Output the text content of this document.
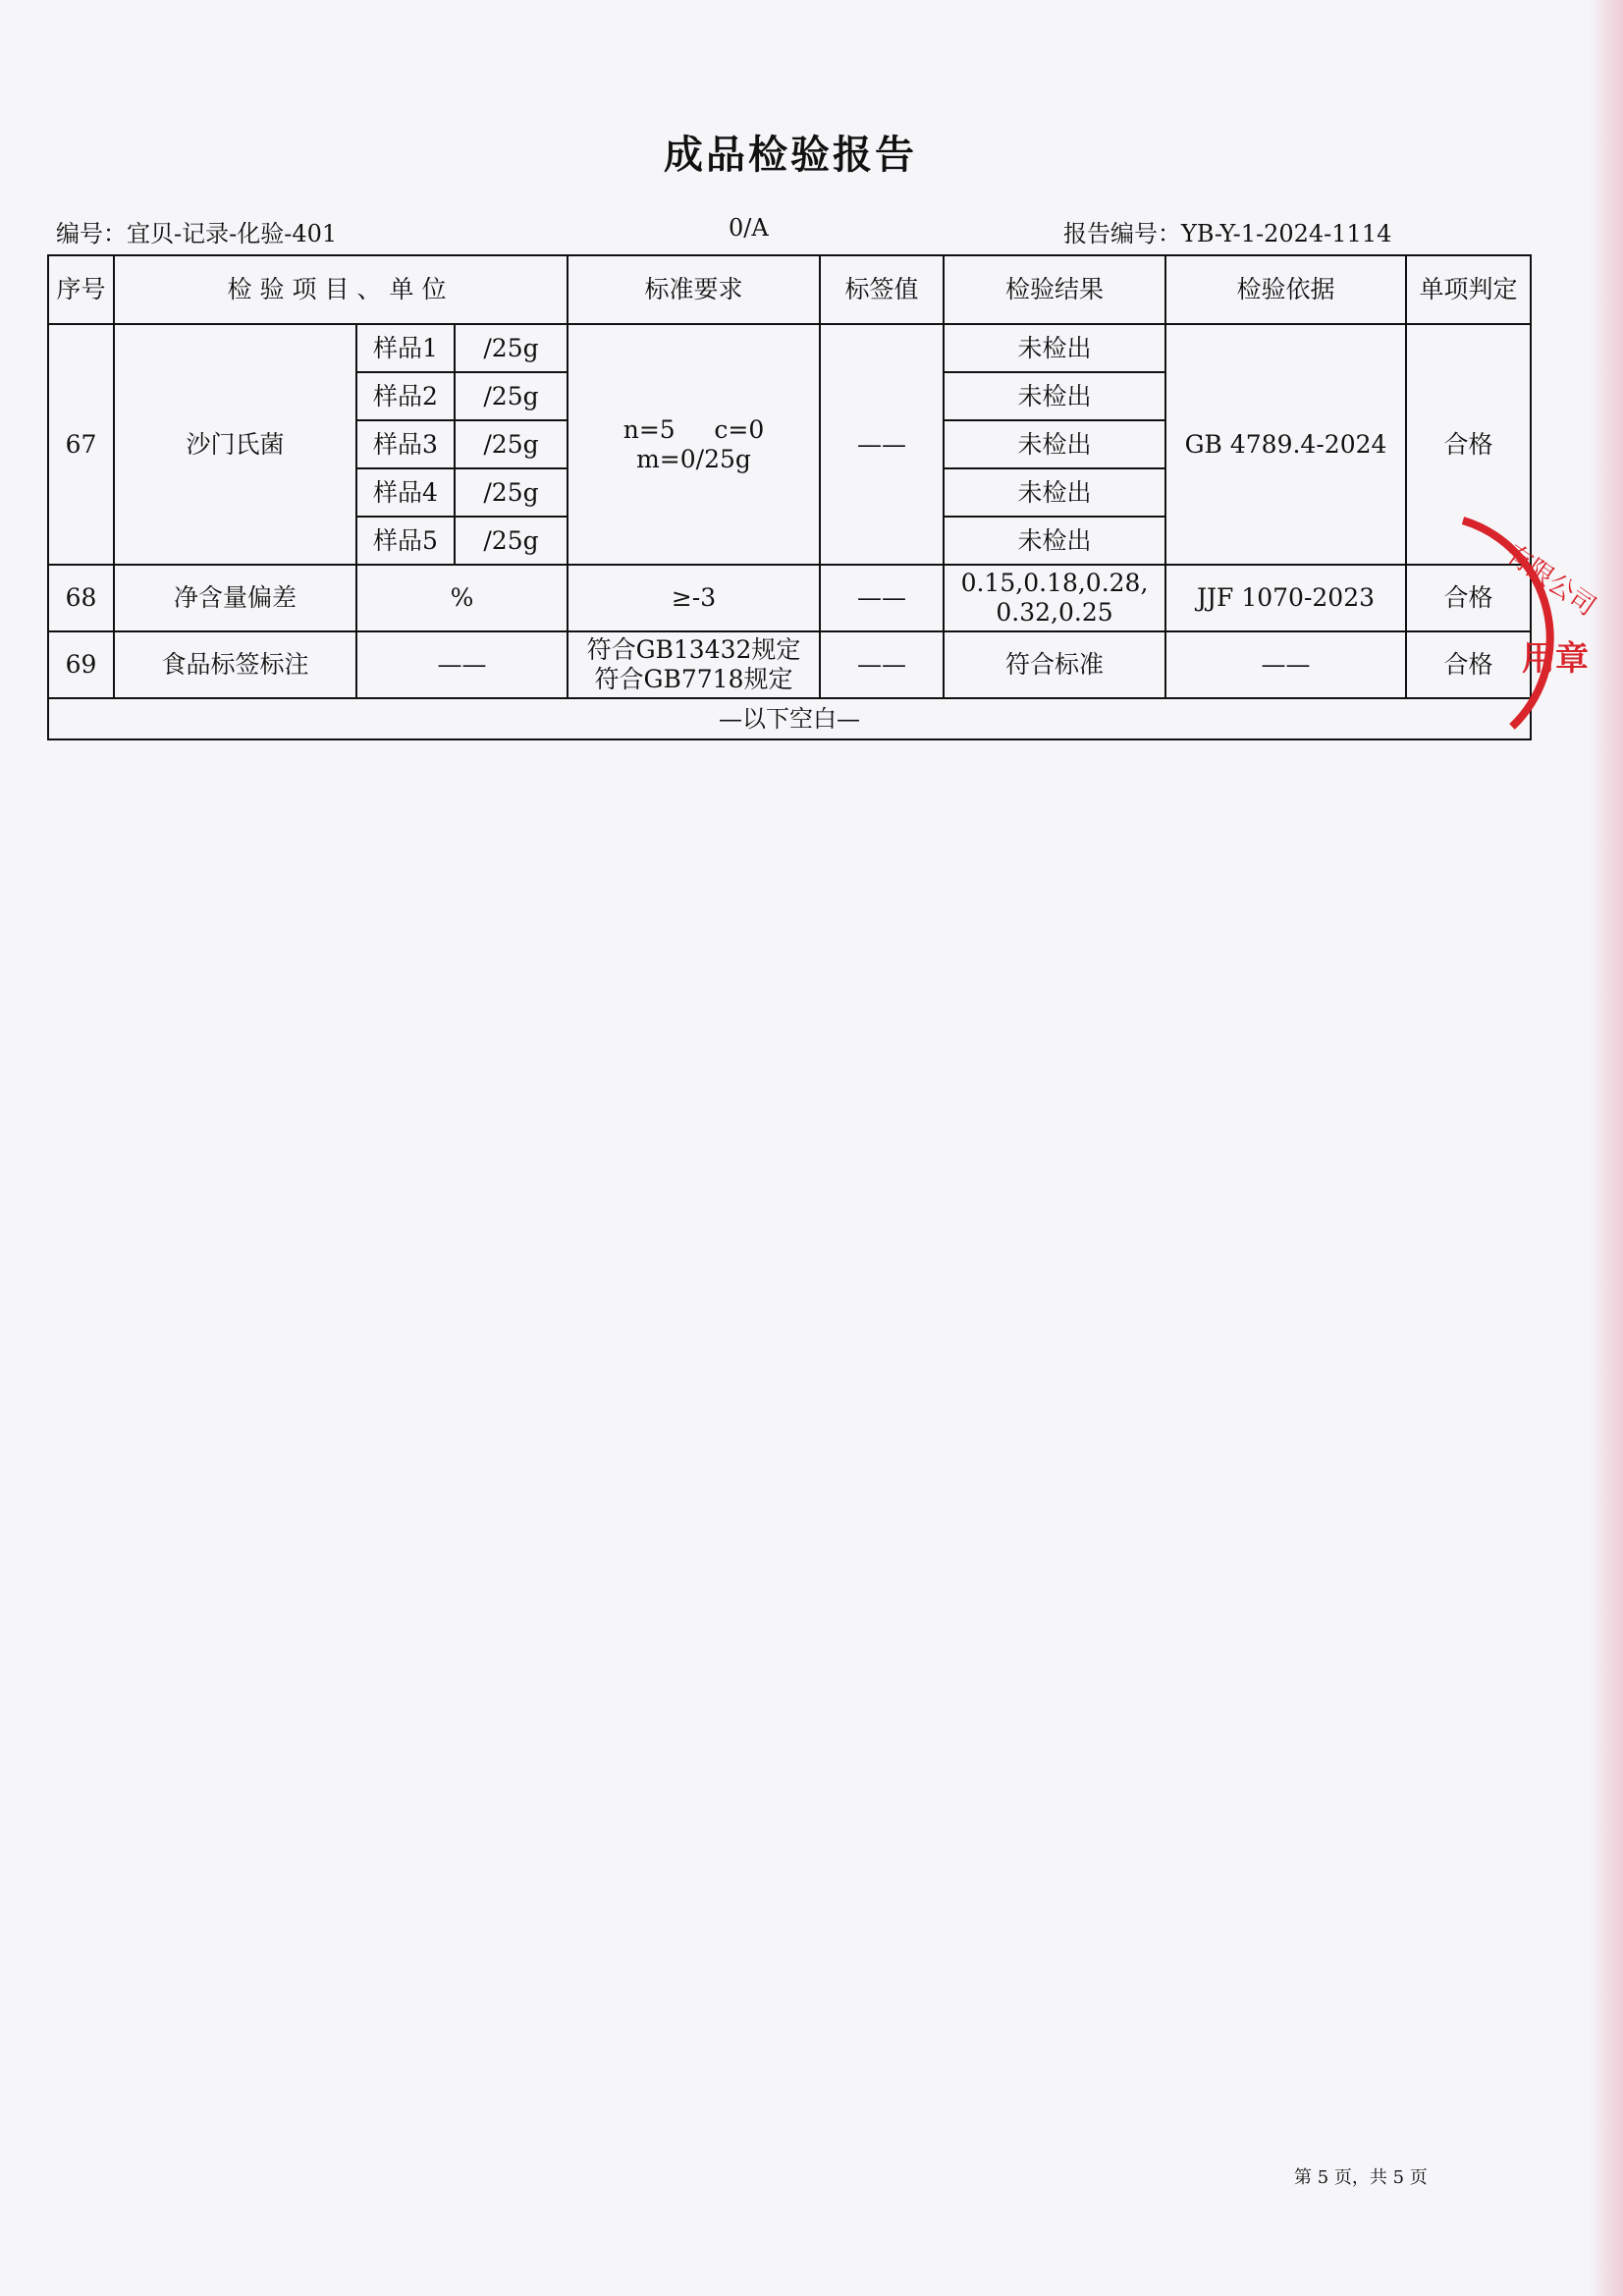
成品检验报告
编号：宜贝-记录-化验-401	0/A	报告编号：YB-Y-1-2024-1114
序号	检验项目、单位			标准要求	标签值	检验结果	检验依据	单项判定
67	沙门氏菌	样品1	/25g	n=5     c=0
m=0/25g	——	未检出	GB 4789.4-2024	合格
		样品2	/25g			未检出		
		样品3	/25g			未检出		
		样品4	/25g			未检出		
		样品5	/25g			未检出		
68	净含量偏差	%		≥-3	——	0.15,0.18,0.28,
0.32,0.25	JJF 1070-2023	合格
69	食品标签标注	——		符合GB13432规定
符合GB7718规定	——	符合标准	——	合格
—以下空白—								
有限公司
用章
第 5 页，共 5 页
